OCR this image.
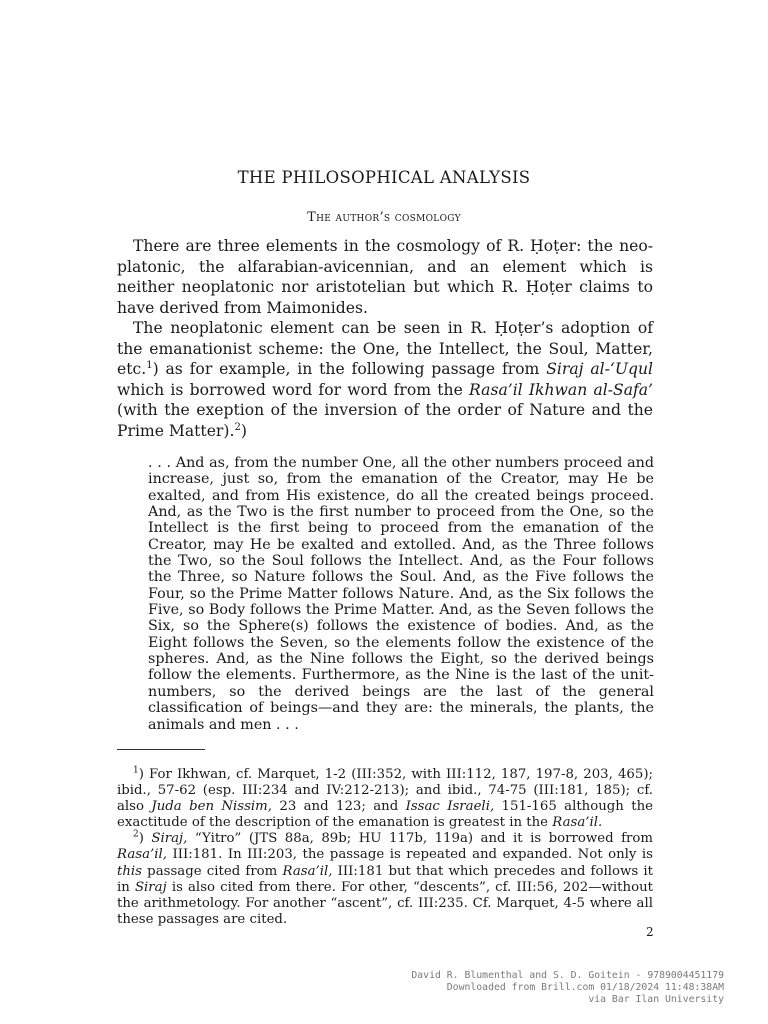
THE PHILOSOPHICAL ANALYSIS
The author’s cosmology

There are three elements in the cosmology of R. Ḥoṭer: the neo-platonic, the alfarabian-avicennian, and an element which is neither neoplatonic nor aristotelian but which R. Ḥoṭer claims to have derived from Maimonides.

The neoplatonic element can be seen in R. Ḥoṭer’s adoption of the emanationist scheme: the One, the Intellect, the Soul, Matter, etc.$^1$) as for example, in the following passage from Siraj al-‘Uqul which is borrowed word for word from the Rasa’il Ikhwan al-Safa’ (with the exeption of the inversion of the order of Nature and the Prime Matter).$^2$)

. . . And as, from the number One, all the other numbers proceed and increase, just so, from the emanation of the Creator, may He be exalted, and from His existence, do all the created beings proceed. And, as the Two is the first number to proceed from the One, so the Intellect is the first being to proceed from the emanation of the Creator, may He be exalted and extolled. And, as the Three follows the Two, so the Soul follows the Intellect. And, as the Four follows the Three, so Nature follows the Soul. And, as the Five follows the Four, so the Prime Matter follows Nature. And, as the Six follows the Five, so Body follows the Prime Matter. And, as the Seven follows the Six, so the Sphere(s) follows the existence of bodies. And, as the Eight follows the Seven, so the elements follow the existence of the spheres. And, as the Nine follows the Eight, so the derived beings follow the elements. Furthermore, as the Nine is the last of the unit-numbers, so the derived beings are the last of the general classification of beings—and they are: the minerals, the plants, the animals and men . . .

$^1$) For Ikhwan, cf. Marquet, 1-2 (III:352, with III:112, 187, 197-8, 203, 465); ibid., 57-62 (esp. III:234 and IV:212-213); and ibid., 74-75 (III:181, 185); cf. also Juda ben Nissim, 23 and 123; and Issac Israeli, 151-165 although the exactitude of the description of the emanation is greatest in the Rasa’il.

$^2$) Siraj, “Yitro” (JTS 88a, 89b; HU 117b, 119a) and it is borrowed from Rasa’il, III:181. In III:203, the passage is repeated and expanded. Not only is this passage cited from Rasa’il, III:181 but that which precedes and follows it in Siraj is also cited from there. For other, “descents”, cf. III:56, 202—without the arithmetology. For another “ascent”, cf. III:235. Cf. Marquet, 4-5 where all these passages are cited.

2
David R. Blumenthal and S. D. Goitein - 9789004451179
Downloaded from Brill.com 01/18/2024 11:48:38AM
via Bar Ilan University
